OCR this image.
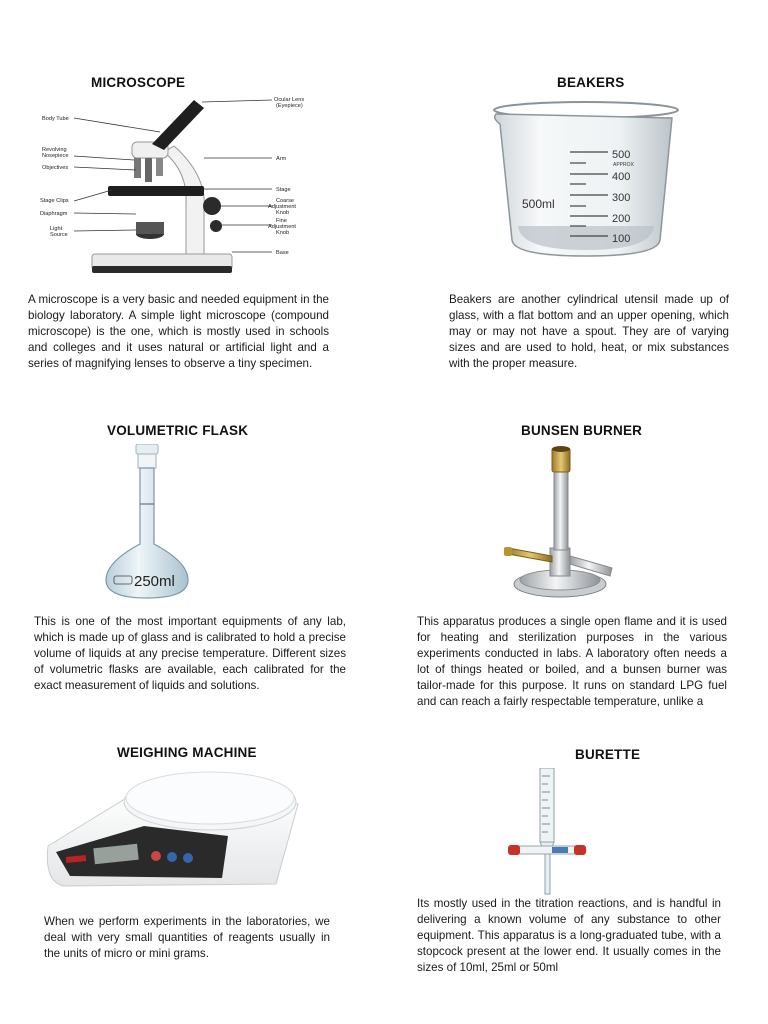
MICROSCOPE
Body Tube
Revolving
Nosepiece
Objectives
Stage Clips
Diaphragm
Light
Source
Ocular Lens
(Eyepiece)
Arm
Stage
Coarse
Adjustment
Knob
Fine
Adjustment
Knob
Base
A microscope is a very basic and needed equipment in the biology laboratory. A simple light microscope (compound microscope) is the one, which is mostly used in schools and colleges and it uses natural or artificial light and a series of magnifying lenses to observe a tiny specimen.
BEAKERS
500
400
300
200
100
APPROX
500ml
Beakers are another cylindrical utensil made up of glass, with a flat bottom and an upper opening, which may or may not have a spout. They are of varying sizes and are used to hold, heat, or mix substances with the proper measure.
VOLUMETRIC FLASK
250ml
This is one of the most important equipments of any lab, which is made up of glass and is calibrated to hold a precise volume of liquids at any precise temperature. Different sizes of volumetric flasks are available, each calibrated for the exact measurement of liquids and solutions.
BUNSEN BURNER
This apparatus produces a single open flame and it is used for heating and sterilization purposes in the various experiments conducted in labs. A laboratory often needs a lot of things heated or boiled, and a bunsen burner was tailor-made for this purpose. It runs on standard LPG fuel and can reach a fairly respectable temperature, unlike a
WEIGHING MACHINE
When we perform experiments in the laboratories, we deal with very small quantities of reagents usually in the units of micro or mini grams.
BURETTE
Its mostly used in the titration reactions, and is handful in delivering a known volume of any substance to other equipment. This apparatus is a long-graduated tube, with a stopcock present at the lower end. It usually comes in the sizes of 10ml, 25ml or 50ml
